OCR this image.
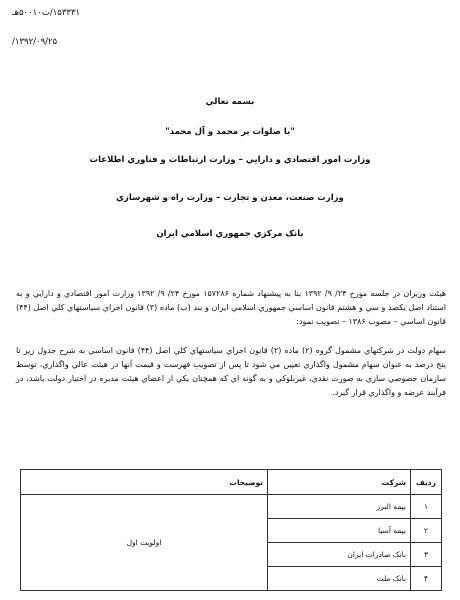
۱۵۳۳۳۱/ت۵۰۰۱۰هـ
۱۳۹۲/۰۹/۲۵/
بسمه تعالي
"با صلوات بر محمد و آل محمد"
وزارت امور اقتصادي و دارايي – وزارت ارتباطات و فناوري اطلاعات
وزارت صنعت، معدن و تجارت – وزارت راه و شهرسازي
بانک مرکزي جمهوري اسلامي ايران
هيئت وزيران در جلسه مورخ ۲۴/ ۹/ ۱۳۹۲ بنا به پيشنهاد شماره ۱۵۷۲۸۶ مورخ ۲۴/ ۹/ ۱۳۹۲ وزارت امور اقتصادي و دارايي و به استناد اصل يکصد و سي و هشتم قانون اساسي جمهوري اسلامي ايران و بند (ب) ماده (۳) قانون اجراي سياستهاي کلي اصل (۴۴) قانون اساسي – مصوب ۱۳۸۶ – تصويب نمود:
سهام دولت در شرکتهاي مشمول گروه (۲) ماده (۲) قانون اجراي سياستهاي کلي اصل (۴۴) قانون اساسي به شرح جدول زير تا پنج درصد به عنوان سهام مشمول واگذاري تعيين مي شود تا پس از تصويب فهرست و قيمت آنها در هيئت عالي واگذاري، توسط سازمان خصوصي سازي به صورت نقدي، غيربلوکي و به گونه اي که همچنان يکي از اعضاي هيئت مديره در اختيار دولت باشد، در فرآيند عرضه و واگذاري قرار گيرد.
رديف	شرکت	توضيحات
۱	بيمه البرز	اولويت اول
۲	بيمه آسيا	
۳	بانک صادرات ايران	
۴	بانک ملت	
